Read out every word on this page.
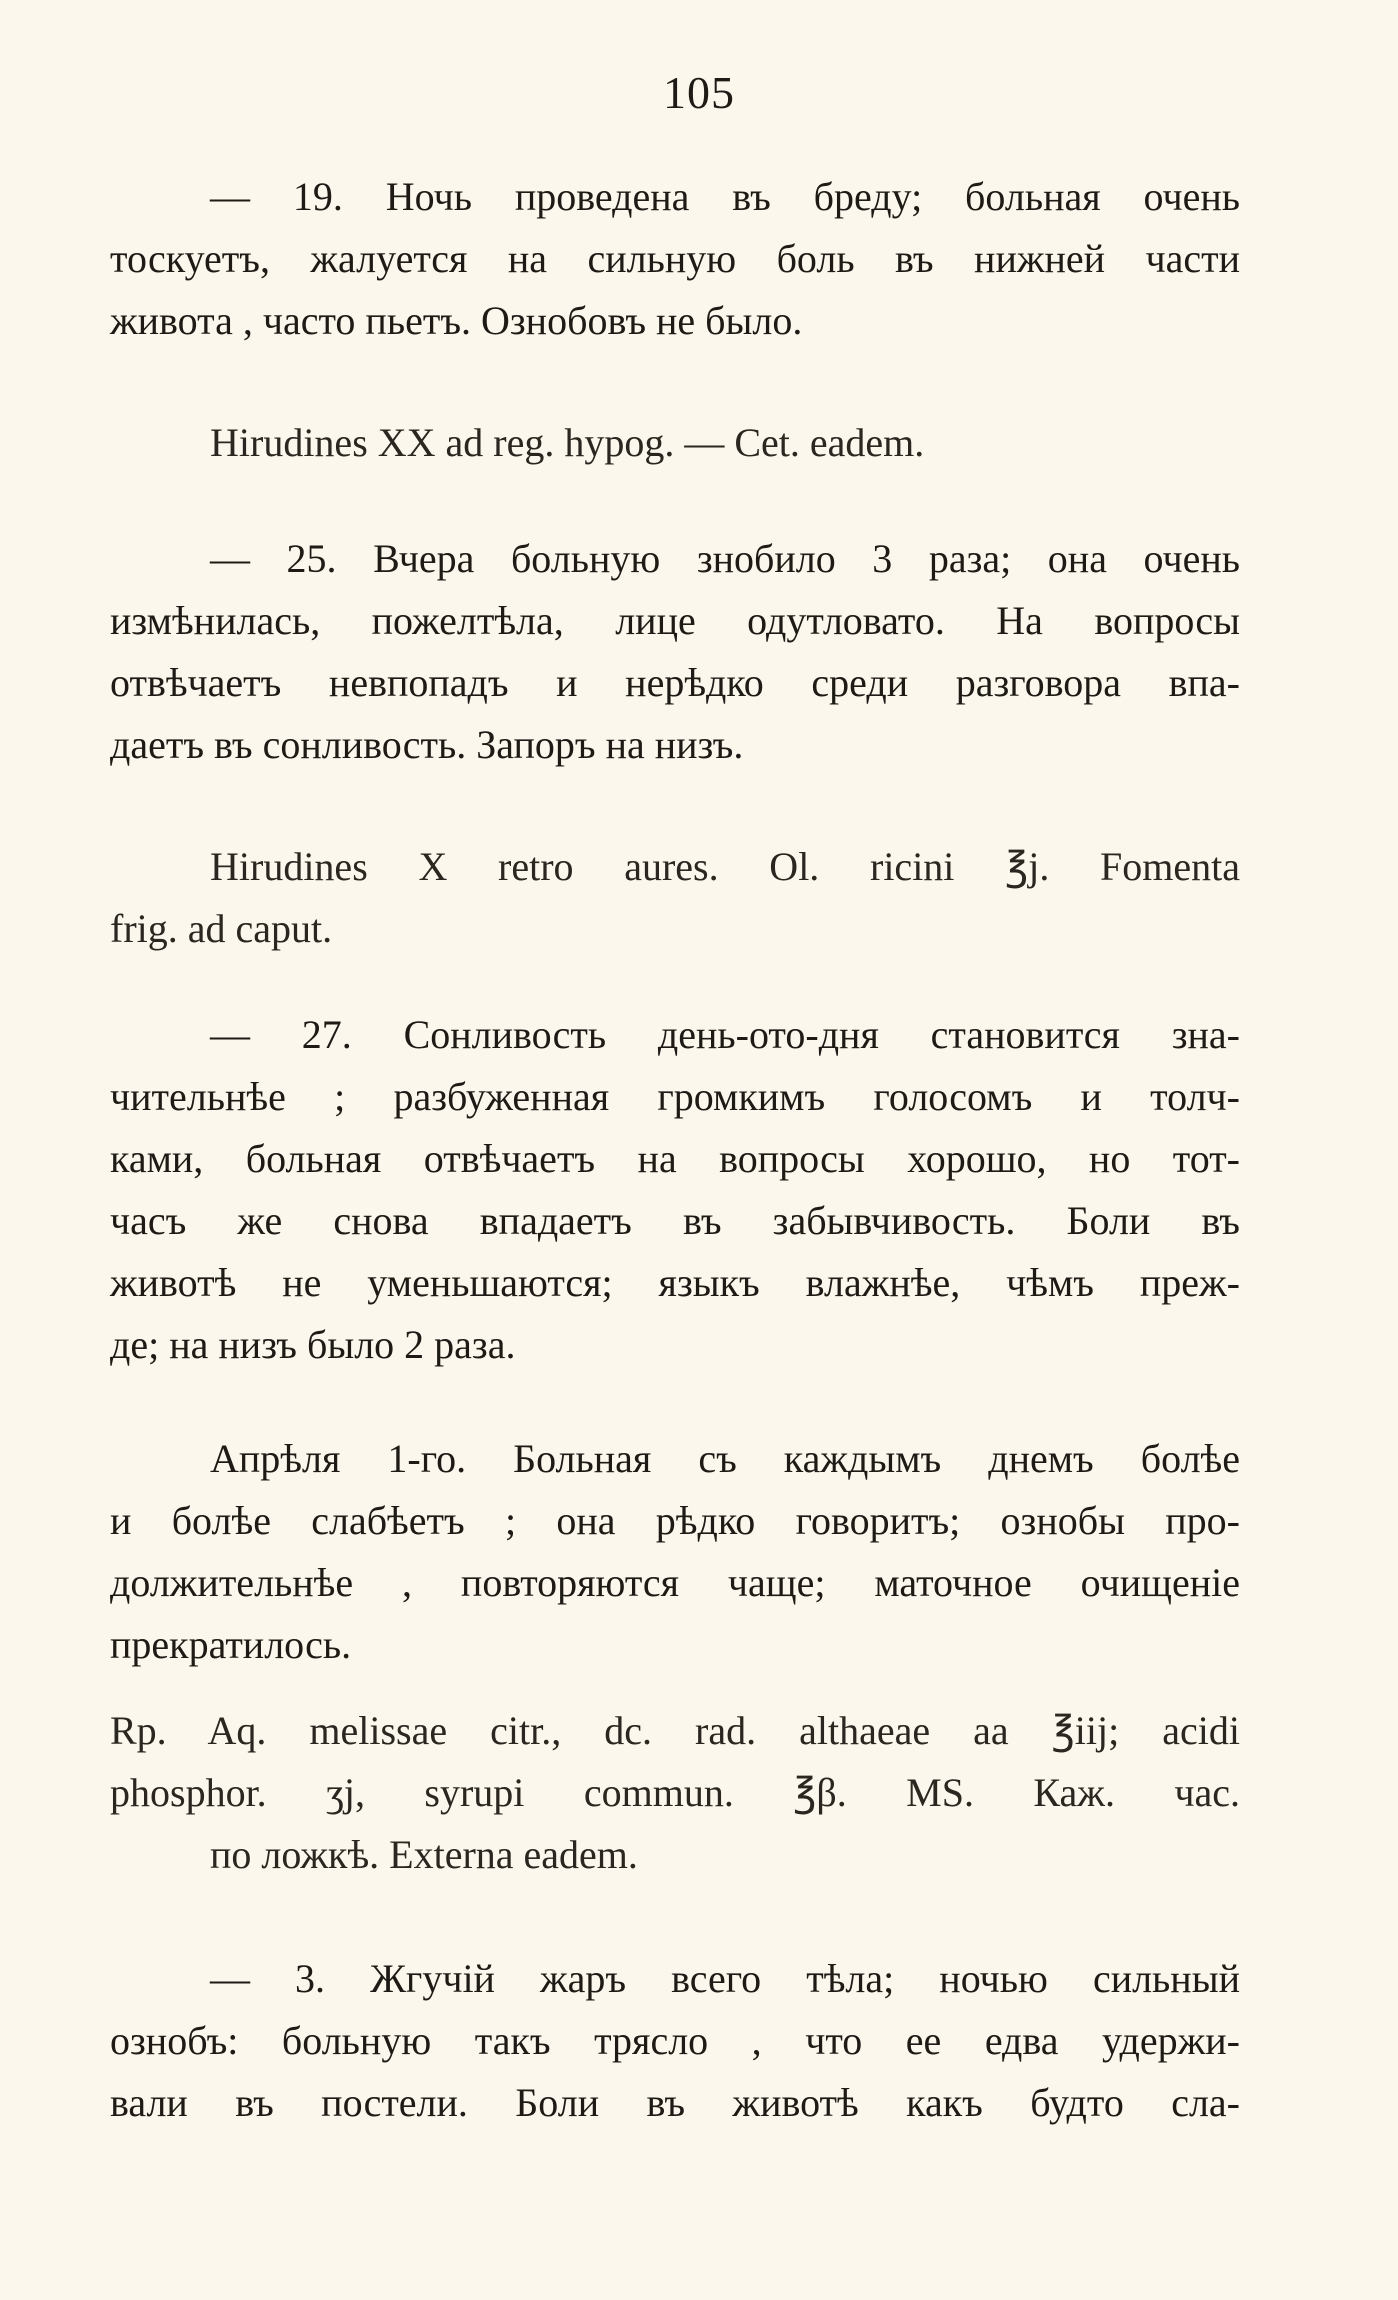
105
— 19. Ночь проведена въ бреду; больная очень
тоскуетъ, жалуется на сильную боль въ нижней части
живота , часто пьетъ. Ознобовъ не было.
Hirudines XX ad reg. hypog. — Cet. eadem.
— 25. Вчера больную знобило 3 раза; она очень
измѣнилась, пожелтѣла, лице одутловато. На вопросы
отвѣчаетъ невпопадъ и нерѣдко среди разговора впа-
даетъ въ сонливость. Запоръ на низъ.
Hirudines X retro aures. Ol. ricini ℥j. Fomenta
frig. ad caput.
— 27. Сонливость день-ото-дня становится зна-
чительнѣе ; разбуженная громкимъ голосомъ и толч-
ками, больная отвѣчаетъ на вопросы хорошо, но тот-
часъ же снова впадаетъ въ забывчивость. Боли въ
животѣ не уменьшаются; языкъ влажнѣе, чѣмъ преж-
де; на низъ было 2 раза.
Апрѣля 1-го. Больная съ каждымъ днемъ болѣе
и болѣе слабѣетъ ; она рѣдко говоритъ; ознобы про-
должительнѣе , повторяются чаще; маточное очищеніе
прекратилось.
Rp. Aq. melissae citr., dc. rad. althaeae aa ℥iij; acidi
phosphor. ʒj, syrupi commun. ℥β. MS. Каж. час.
по ложкѣ. Externa eadem.
— 3. Жгучій жаръ всего тѣла; ночью сильный
ознобъ: больную такъ трясло , что ее едва удержи-
вали въ постели. Боли въ животѣ какъ будто сла-
